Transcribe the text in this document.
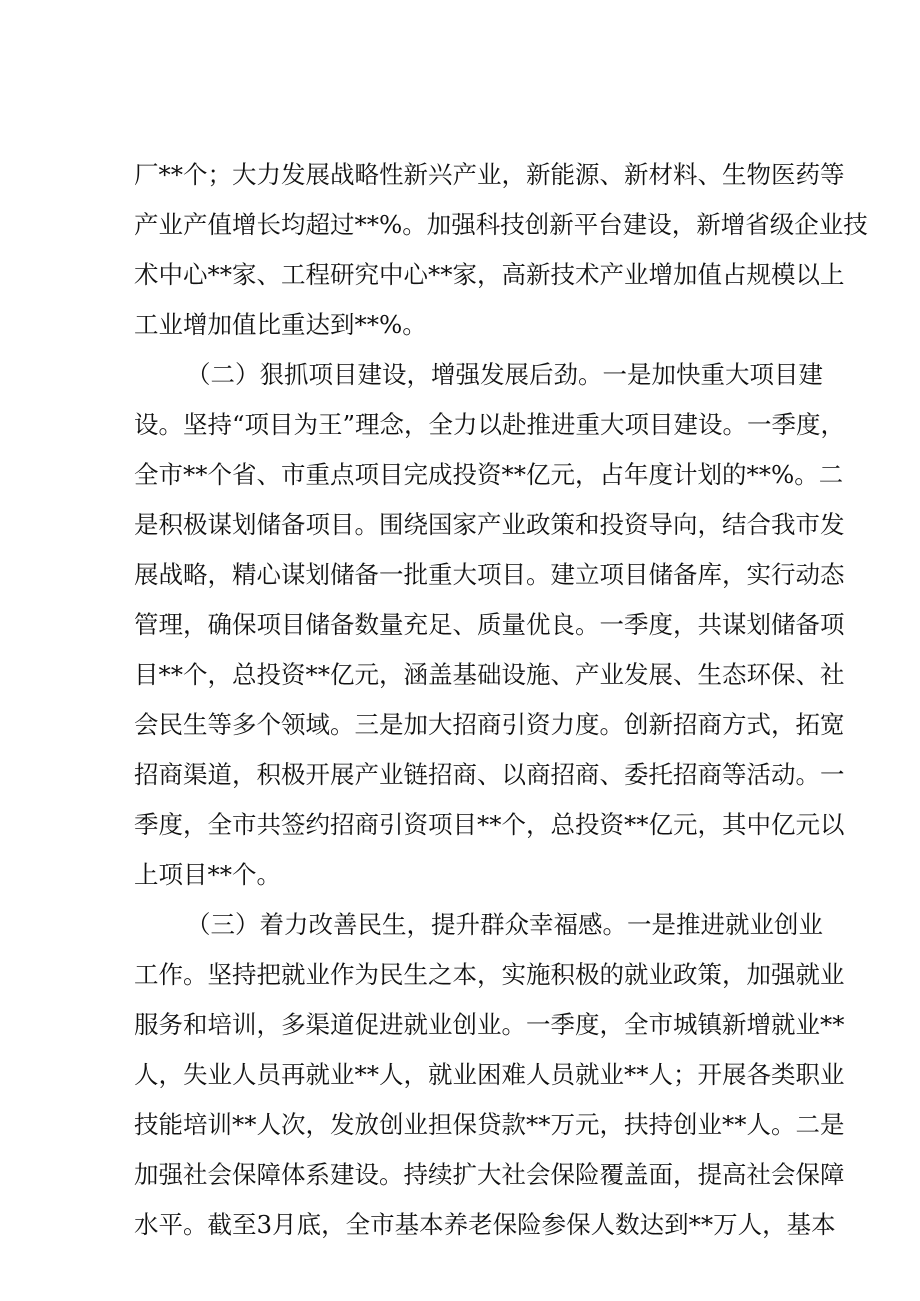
厂**个；大力发展战略性新兴产业，新能源、新材料、生物医药等
产业产值增长均超过**%。加强科技创新平台建设，新增省级企业技
术中心**家、工程研究中心**家，高新技术产业增加值占规模以上
工业增加值比重达到**%。
（二）狠抓项目建设，增强发展后劲。一是加快重大项目建
设。坚持“项目为王”理念，全力以赴推进重大项目建设。一季度，
全市**个省、市重点项目完成投资**亿元，占年度计划的**%。二
是积极谋划储备项目。围绕国家产业政策和投资导向，结合我市发
展战略，精心谋划储备一批重大项目。建立项目储备库，实行动态
管理，确保项目储备数量充足、质量优良。一季度，共谋划储备项
目**个，总投资**亿元，涵盖基础设施、产业发展、生态环保、社
会民生等多个领域。三是加大招商引资力度。创新招商方式，拓宽
招商渠道，积极开展产业链招商、以商招商、委托招商等活动。一
季度，全市共签约招商引资项目**个，总投资**亿元，其中亿元以
上项目**个。
（三）着力改善民生，提升群众幸福感。一是推进就业创业
工作。坚持把就业作为民生之本，实施积极的就业政策，加强就业
服务和培训，多渠道促进就业创业。一季度，全市城镇新增就业**
人，失业人员再就业**人，就业困难人员就业**人；开展各类职业
技能培训**人次，发放创业担保贷款**万元，扶持创业**人。二是
加强社会保障体系建设。持续扩大社会保险覆盖面，提高社会保障
水平。截至3月底，全市基本养老保险参保人数达到**万人，基本
